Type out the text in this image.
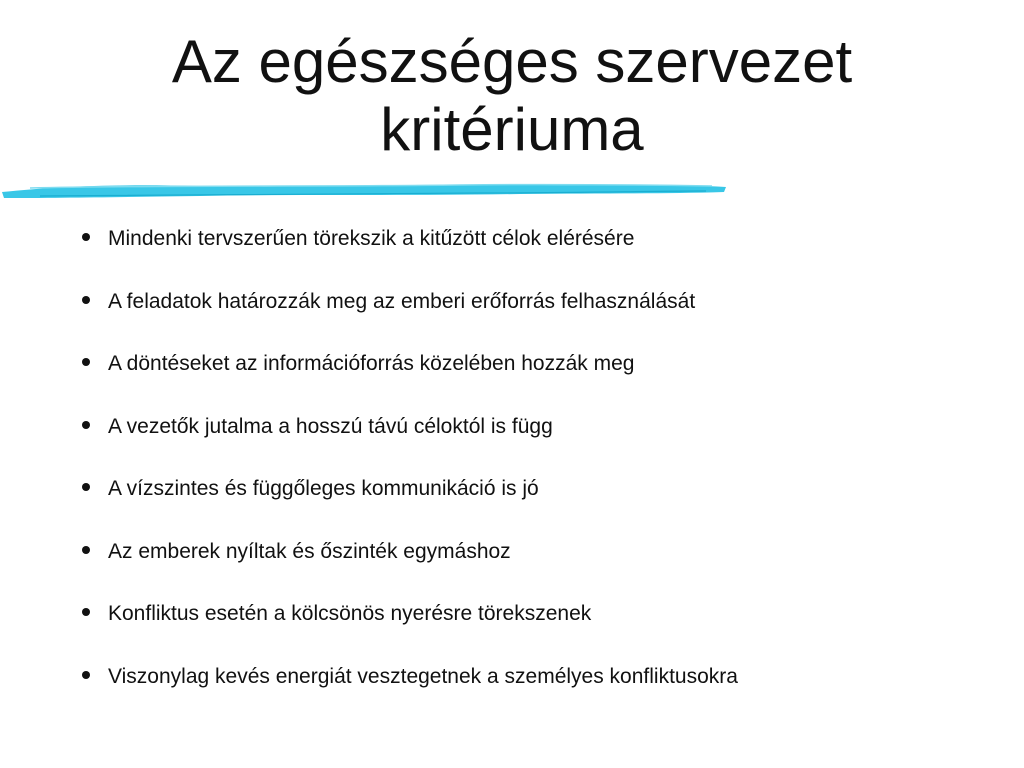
Az egészséges szervezet
kritériuma
Mindenki tervszerűen törekszik a kitűzött célok elérésére
A feladatok határozzák meg az emberi erőforrás felhasználását
A döntéseket az információforrás közelében hozzák meg
A vezetők jutalma a hosszú távú céloktól is függ
A vízszintes és függőleges kommunikáció is jó
Az emberek nyíltak és őszinték egymáshoz
Konfliktus esetén a kölcsönös nyerésre törekszenek
Viszonylag kevés energiát vesztegetnek a személyes konfliktusokra
